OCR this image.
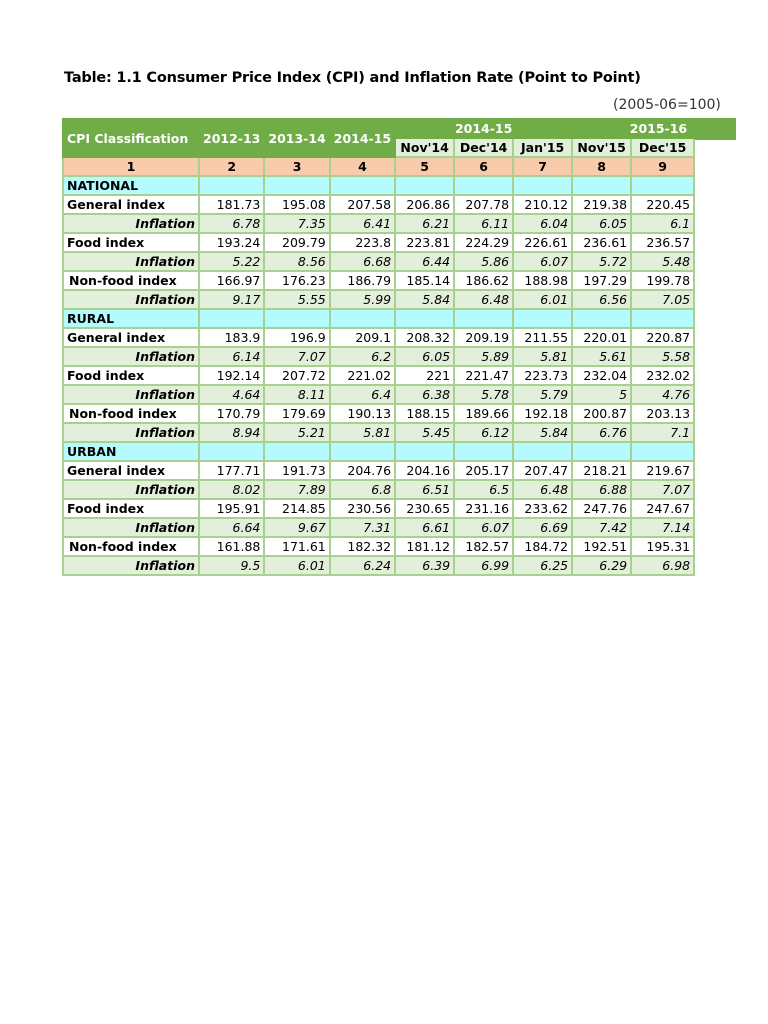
Table: 1.1 Consumer Price Index (CPI) and Inflation Rate (Point to Point)
(2005-06=100)
CPI Classification	2012-13	2013-14	2014-15	2014-15			2015-16	
				Nov'14	Dec'14	Jan'15	Nov'15	Dec'15
1	2	3	4	5	6	7	8	9
NATIONAL								
General index	181.73	195.08	207.58	206.86	207.78	210.12	219.38	220.45
Inflation	6.78	7.35	6.41	6.21	6.11	6.04	6.05	6.1
Food index	193.24	209.79	223.8	223.81	224.29	226.61	236.61	236.57
Inflation	5.22	8.56	6.68	6.44	5.86	6.07	5.72	5.48
Non-food index	166.97	176.23	186.79	185.14	186.62	188.98	197.29	199.78
Inflation	9.17	5.55	5.99	5.84	6.48	6.01	6.56	7.05
RURAL								
General index	183.9	196.9	209.1	208.32	209.19	211.55	220.01	220.87
Inflation	6.14	7.07	6.2	6.05	5.89	5.81	5.61	5.58
Food index	192.14	207.72	221.02	221	221.47	223.73	232.04	232.02
Inflation	4.64	8.11	6.4	6.38	5.78	5.79	5	4.76
Non-food index	170.79	179.69	190.13	188.15	189.66	192.18	200.87	203.13
Inflation	8.94	5.21	5.81	5.45	6.12	5.84	6.76	7.1
URBAN								
General index	177.71	191.73	204.76	204.16	205.17	207.47	218.21	219.67
Inflation	8.02	7.89	6.8	6.51	6.5	6.48	6.88	7.07
Food index	195.91	214.85	230.56	230.65	231.16	233.62	247.76	247.67
Inflation	6.64	9.67	7.31	6.61	6.07	6.69	7.42	7.14
Non-food index	161.88	171.61	182.32	181.12	182.57	184.72	192.51	195.31
Inflation	9.5	6.01	6.24	6.39	6.99	6.25	6.29	6.98
